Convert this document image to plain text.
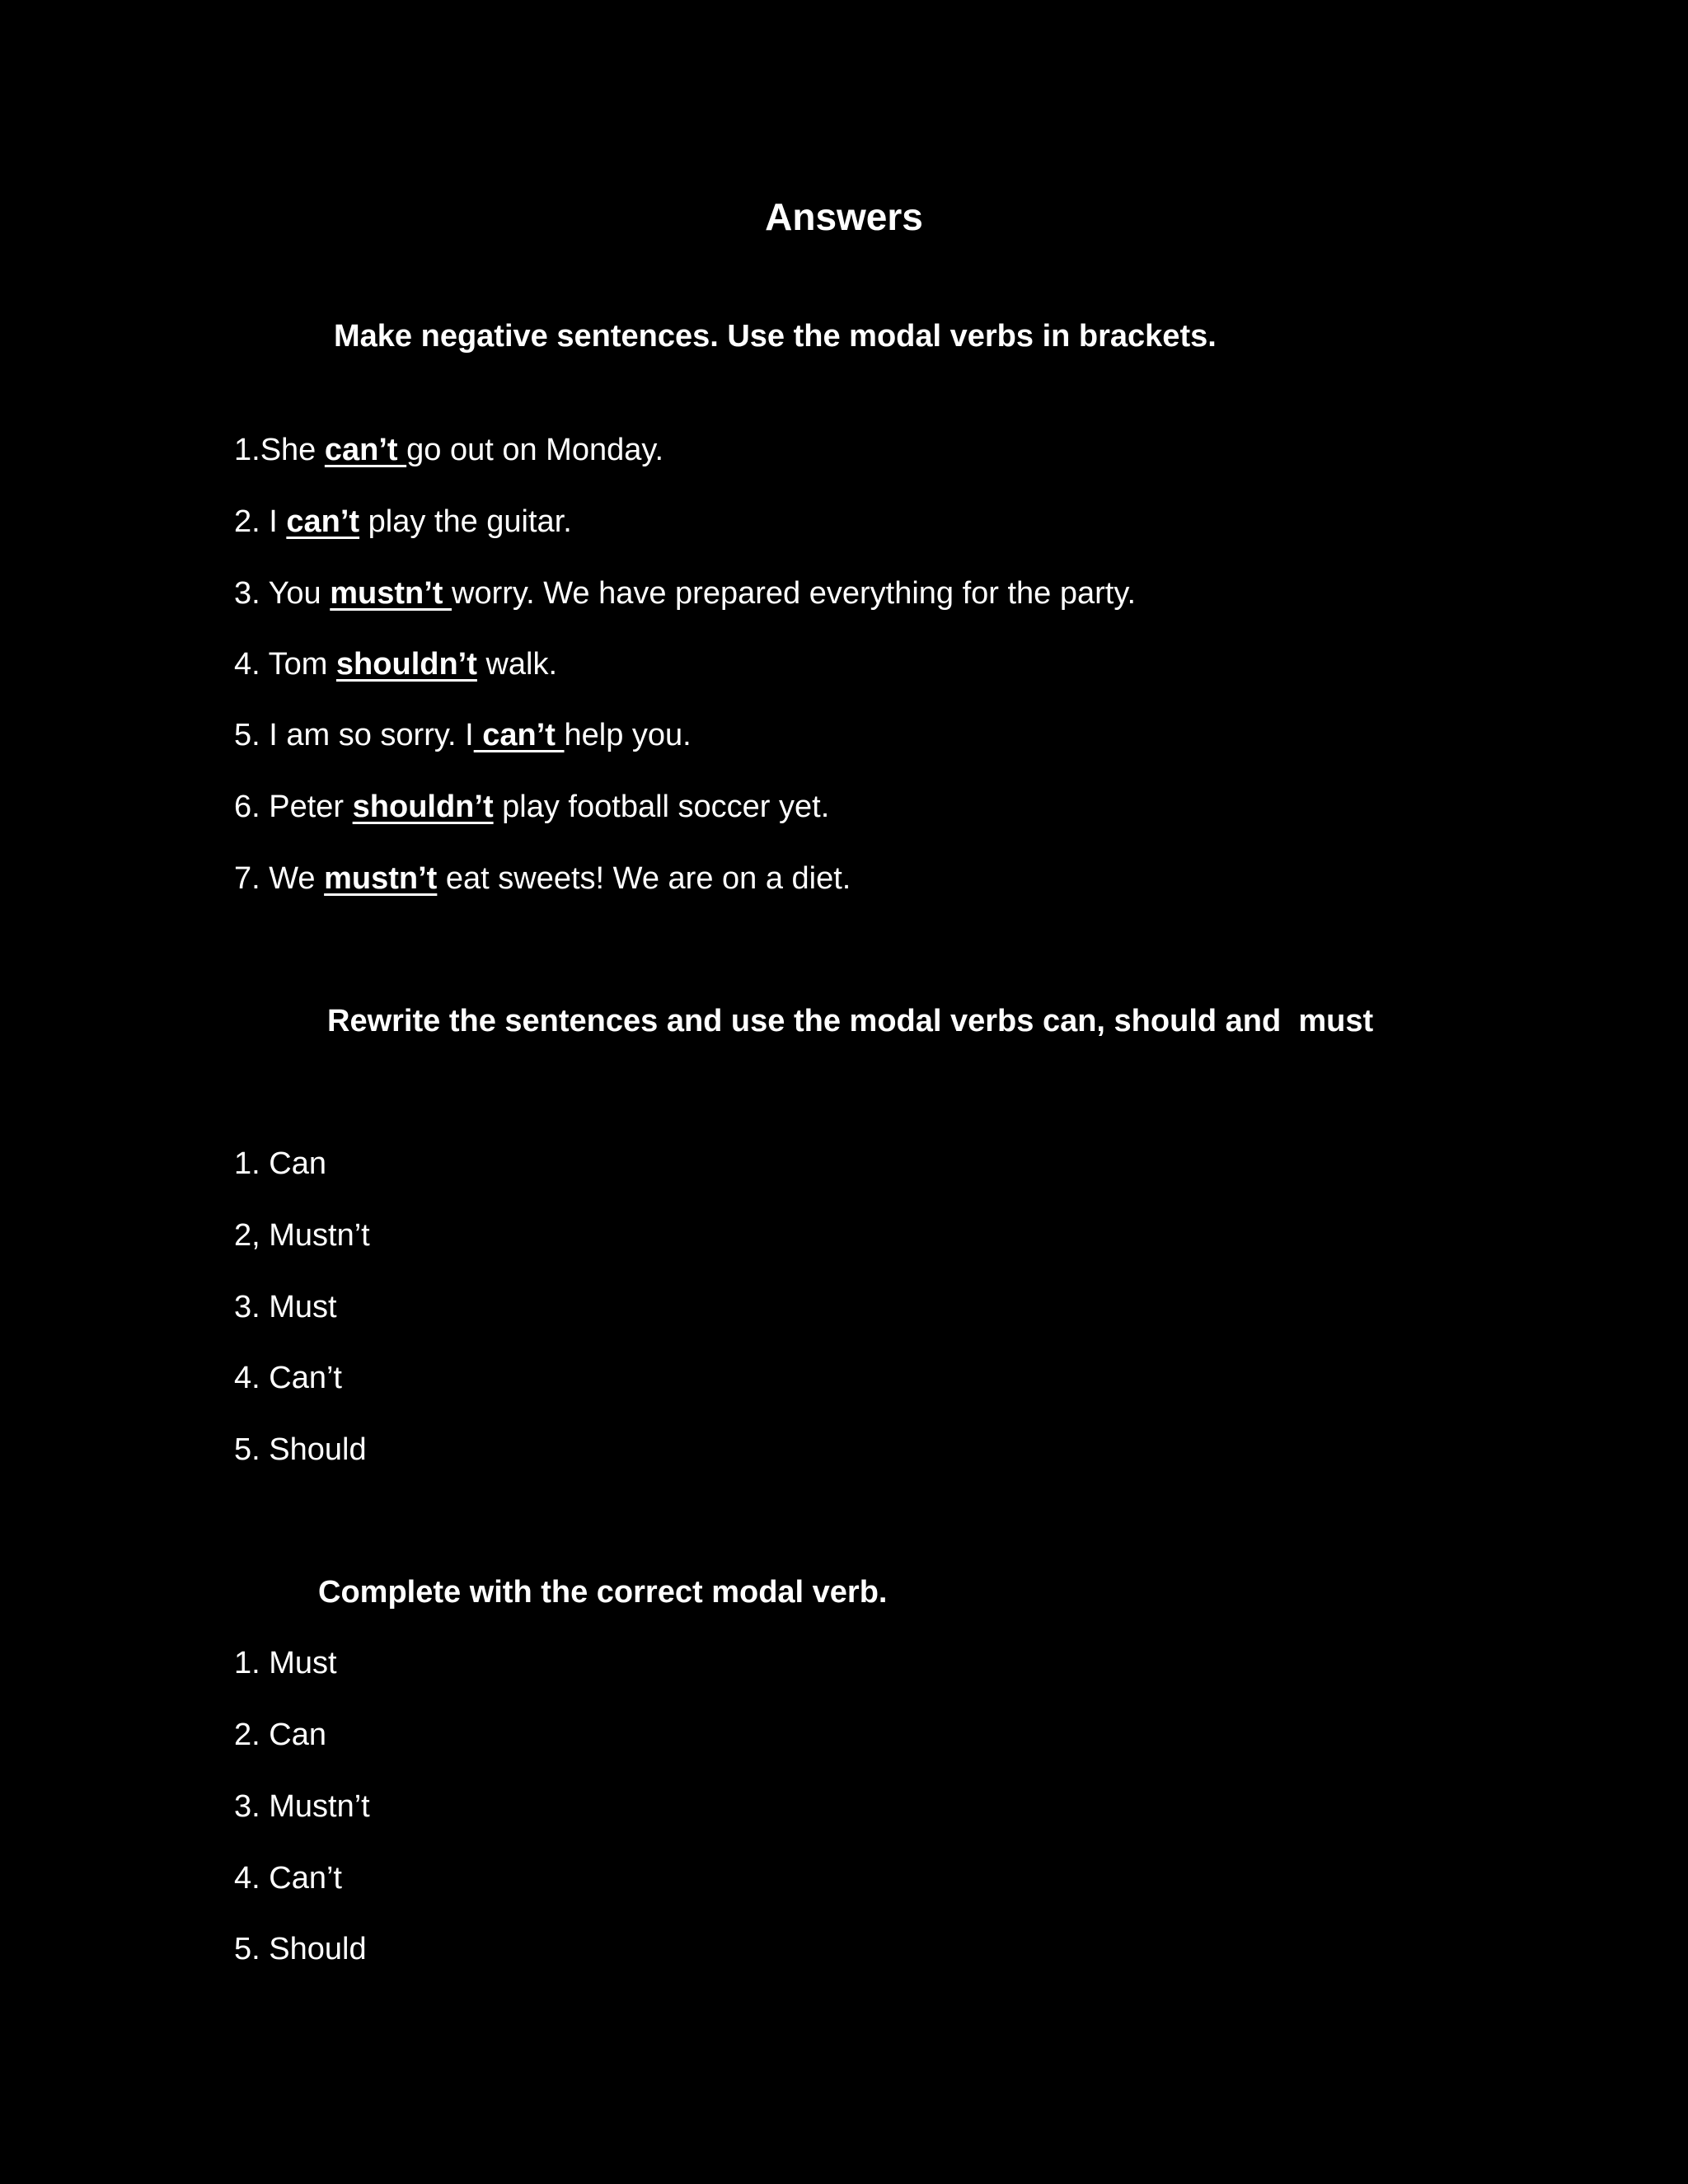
Answers
Make negative sentences. Use the modal verbs in brackets.
1.She can’t go out on Monday.
2. I can’t play the guitar.
3. You mustn’t worry. We have prepared everything for the party.
4. Tom shouldn’t walk.
5. I am so sorry. I can’t help you.
6. Peter shouldn’t play football soccer yet.
7. We mustn’t eat sweets! We are on a diet.
Rewrite the sentences and use the modal verbs can, should and  must
1. Can
2, Mustn’t
3. Must
4. Can’t
5. Should
Complete with the correct modal verb.
1. Must
2. Can
3. Mustn’t
4. Can’t
5. Should
